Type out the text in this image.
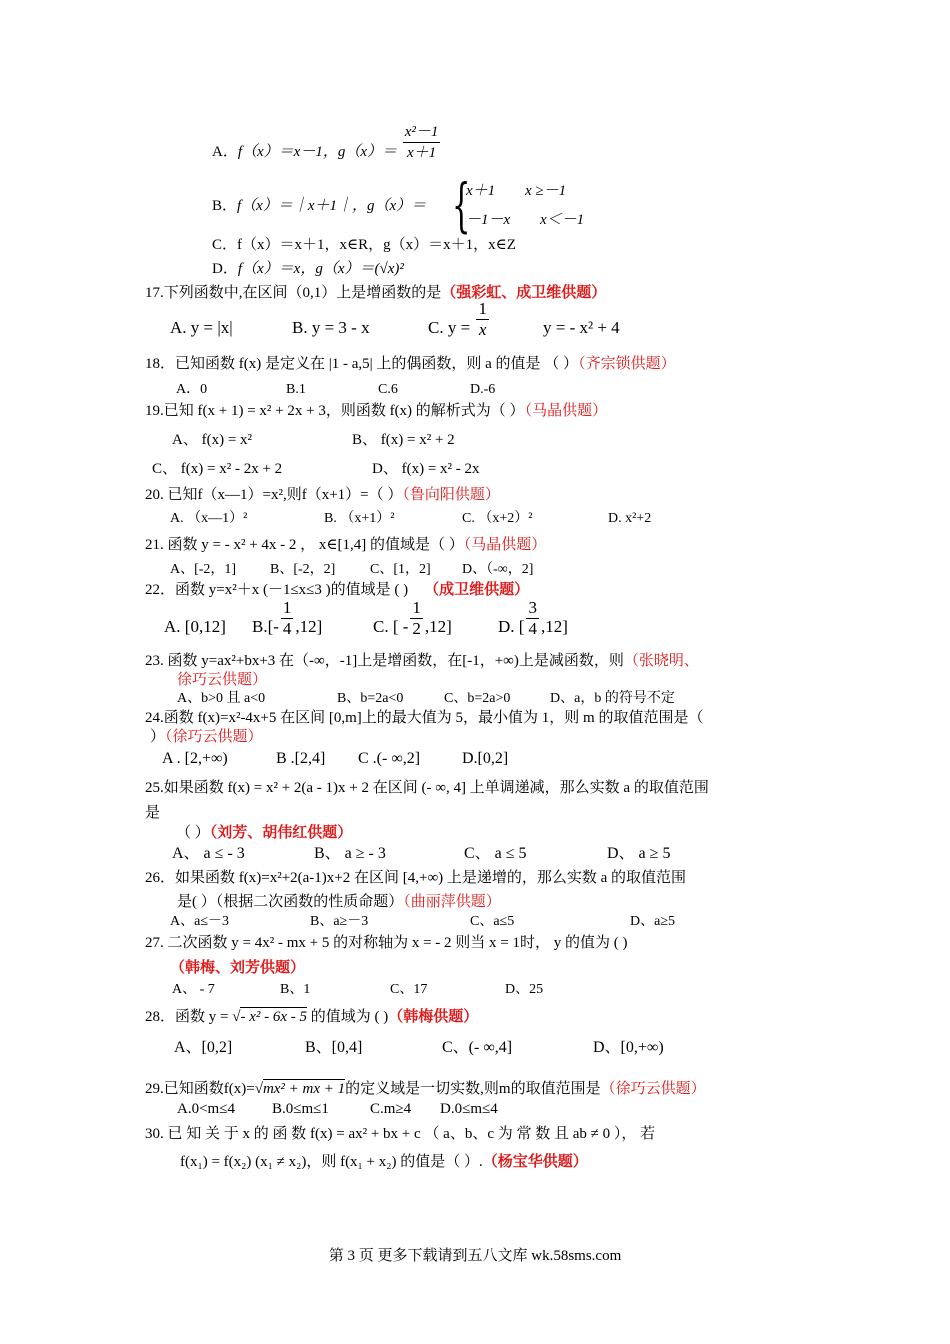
A．f（x）＝x－1，$g(x)= \frac{\text{x²－1}}{x+1}$
B．f（x）＝｜x＋1｜，g（x）＝ {
x＋1 x ≥－1
－1－x x＜－1
C．f（x）＝x＋1，x∈R，g（x）＝x＋1，x∈Z
D．f（x）＝x，g（x）＝(√x)²
17.下列函数中,在区间（0,1）上是增函数的是（强彩虹、成卫维供题）
A. y = |x|	B. y = 3 - x	C. $y = \frac{1}{x}$	y = - x² + 4
18．已知函数 f(x) 是定义在 |1 - a,5| 上的偶函数，则 a 的值是 （ ）（齐宗锁供题）
A．0	B.1	C.6	D.-6
19.已知 f(x + 1) = x² + 2x + 3，则函数 f(x) 的解析式为（ ）（马晶供题）
A、 f(x) = x²	B、 f(x) = x² + 2
C、 f(x) = x² - 2x + 2	D、 f(x) = x² - 2x
20. 已知f（x—1）=x²,则f（x+1）=（ ）（鲁向阳供题）
A. （x—1）²	B. （x+1）²	C. （x+2）²	D. x²+2
21. 函数 y = - x² + 4x - 2 ， x∈[1,4] 的值域是（ ）（马晶供题）
A、[-2，1] B、[-2，2] C、[1，2] D、（-∞，2]
22．函数 y=x²＋x (－1≤x≤3 )的值域是 ( ) （成卫维供题）
A. [0,12] $B.[- \frac{1}{4} ,12]$	C. [ - $\frac{1}{2} ,12$]	D. [ $\frac{3}{4} ,12$]
23. 函数 y=ax²+bx+3 在（-∞，-1]上是增函数，在[-1，+∞)上是减函数，则（张晓明、
徐巧云供题）
A、b>0 且 a<0	B、b=2a<0	C、b=2a>0	D、a，b 的符号不定
24.函数 f(x)=x²-4x+5 在区间 [0,m]上的最大值为 5，最小值为 1，则 m 的取值范围是（
）（徐巧云供题）
A . [2,+∞)	B .[2,4] C .(- ∞,2]	D.[0,2]
25.如果函数 f(x) = x² + 2(a - 1)x + 2 在区间 (- ∞, 4] 上单调递减，那么实数 a 的取值范围
是
（ ）（刘芳、胡伟红供题）
A、 a ≤ - 3	B、 a ≥ - 3	C、 a ≤ 5	D、 a ≥ 5
26．如果函数 f(x)=x²+2(a-1)x+2 在区间 [4,+∞) 上是递增的，那么实数 a 的取值范围
是( ）（根据二次函数的性质命题）（曲丽萍供题）
A、a≤－3	B、a≥－3	C、a≤5	D、a≥5
27. 二次函数 y = 4x² - mx + 5 的对称轴为 x = - 2 则当 x = 1时， y 的值为 ( )
（韩梅、刘芳供题）
A、 - 7	B、1	C、17	D、25
28．函数 y = √- x² - 6x - 5 的值域为 ( )（韩梅供题）
A、[0,2]	B、[0,4]	C、(- ∞,4]	D、[0,+∞)
29.已知函数f(x)=√mx² + mx + 1的定义域是一切实数,则m的取值范围是（徐巧云供题）
A.0<m≤4 B.0≤m≤1	C.m≥4 D.0≤m≤4
30. 已 知 关 于 x 的 函 数 f(x) = ax² + bx + c （ a、b、c 为 常 数 且 ab ≠ 0 ）， 若
f(x₁) = f(x₂) (x₁ ≠ x₂)，则 f(x₁ + x₂) 的值是（ ）.（杨宝华供题）
第 3 页 更多下载请到五八文库 wk.58sms.com
